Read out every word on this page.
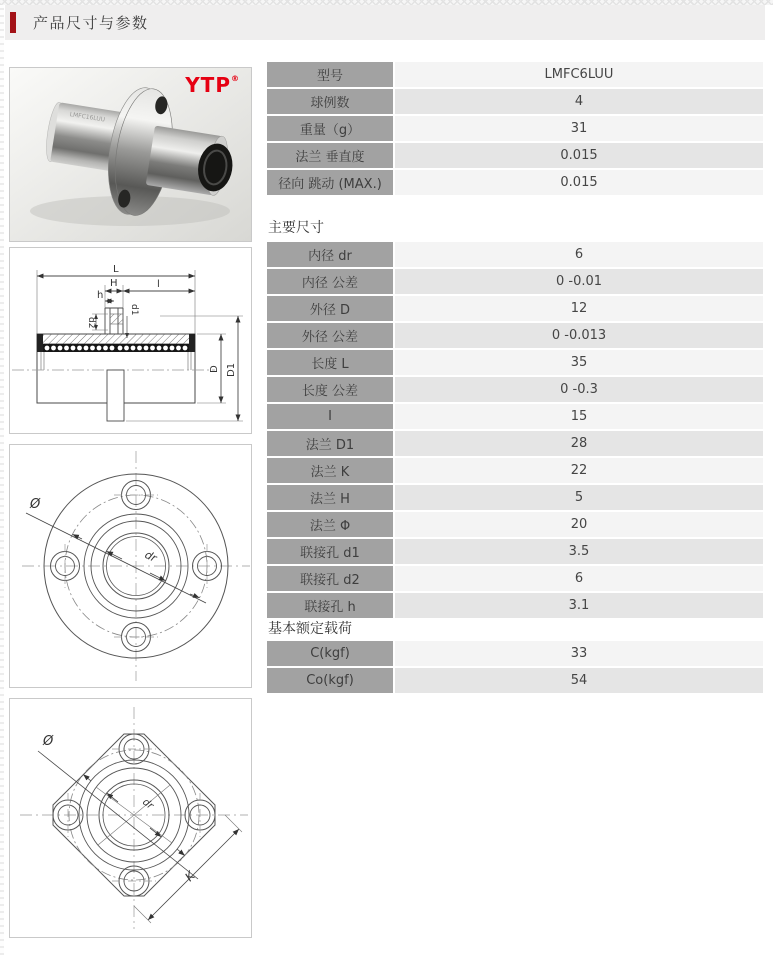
产品尺寸与参数
LMFC16LUU
YTP®
L
l
H
h
d1
d2
D D1
Ø
dr
Ø
dr
K
型号	LMFC6LUU
球例数	4
重量（g）	31
法兰 垂直度	0.015
径向 跳动 (MAX.)	0.015
主要尺寸
内径 dr	6
内径 公差	0 -0.01
外径 D	12
外径 公差	0 -0.013
长度 L	35
长度 公差	0 -0.3
I	15
法兰 D1	28
法兰 K	22
法兰 H	5
法兰 Φ	20
联接孔 d1	3.5
联接孔 d2	6
联接孔 h	3.1
基本额定载荷
C(kgf)	33
Co(kgf)	54
